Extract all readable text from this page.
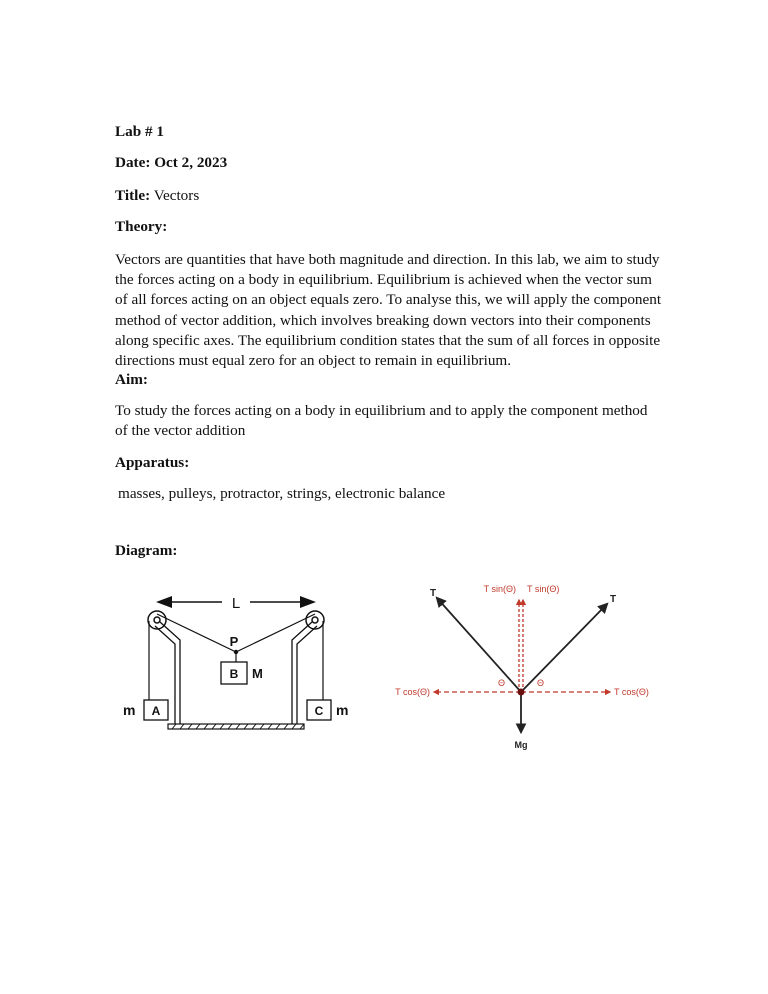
Lab # 1
Date: Oct 2, 2023
Title: Vectors
Theory:
Vectors are quantities that have both magnitude and direction. In this lab, we aim to study
the forces acting on a body in equilibrium. Equilibrium is achieved when the vector sum
of all forces acting on an object equals zero. To analyse this, we will apply the component
method of vector addition, which involves breaking down vectors into their components
along specific axes. The equilibrium condition states that the sum of all forces in opposite
directions must equal zero for an object to remain in equilibrium.
Aim:
To study the forces acting on a body in equilibrium and to apply the component method
of the vector addition
Apparatus:
masses, pulleys, protractor, strings, electronic balance
Diagram:
L
P
B M
A
m	C m
T
T
T sin(Θ) T sin(Θ)
T cos(Θ)	T cos(Θ)
Θ	Θ
Mg
